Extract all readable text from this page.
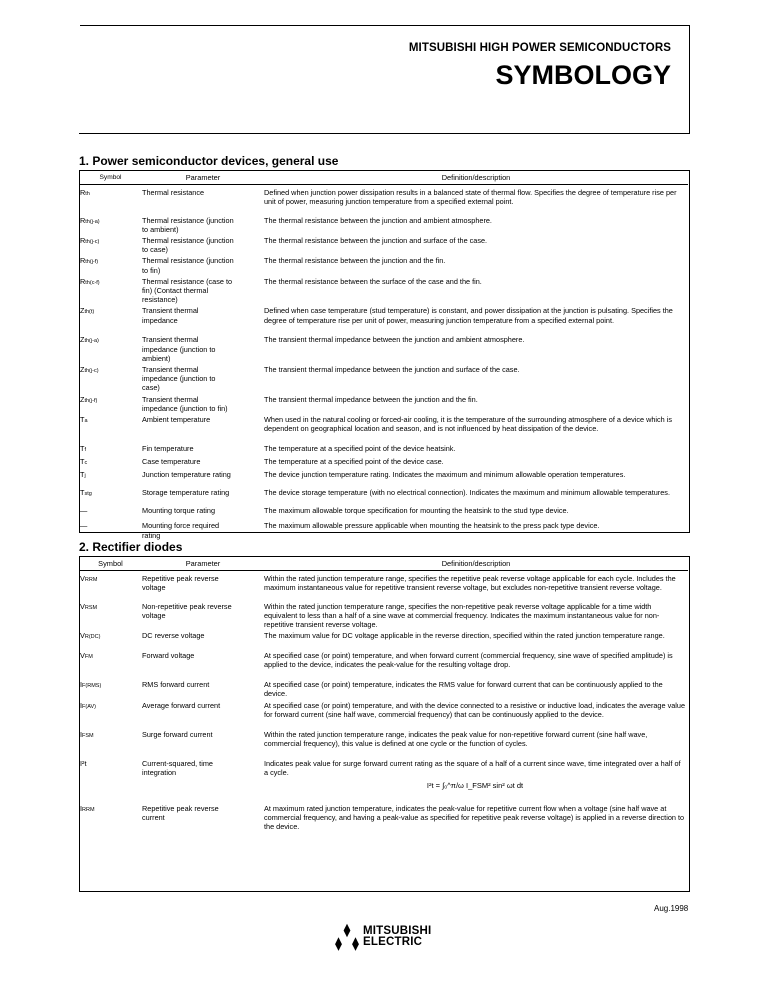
MITSUBISHI HIGH POWER SEMICONDUCTORS
SYMBOLOGY
1. Power semiconductor devices, general use
Symbol	Parameter	Definition/description
Rth	Thermal resistance	Defined when junction power dissipation results in a balanced state of thermal flow. Specifies the degree of temperature rise per unit of power, measuring junction temperature from a specified external point.

Rth(j-a)	Thermal resistance (junction to ambient)	The thermal resistance between the junction and ambient atmosphere.

Rth(j-c)	Thermal resistance (junction to case)	The thermal resistance between the junction and surface of the case.

Rth(j-f)	Thermal resistance (junction to fin)	The thermal resistance between the junction and the fin.

Rth(c-f)	Thermal resistance (case to fin) (Contact thermal resistance)	The thermal resistance between the surface of the case and the fin.

Zth(t)	Transient thermal impedance	Defined when case temperature (stud temperature) is constant, and power dissipation at the junction is pulsating. Specifies the degree of temperature rise per unit of power, measuring junction temperature from a specified external point.

Zth(j-a)	Transient thermal impedance (junction to ambient)	The transient thermal impedance between the junction and ambient atmosphere.

Zth(j-c)	Transient thermal impedance (junction to case)	The transient thermal impedance between the junction and surface of the case.

Zth(j-f)	Transient thermal impedance (junction to fin)	The transient thermal impedance between the junction and the fin.

Ta	Ambient temperature	When used in the natural cooling or forced-air cooling, it is the temperature of the surrounding atmosphere of a device which is dependent on geographical location and season, and is not influenced by heat dissipation of the device.

Tf	Fin temperature	The temperature at a specified point of the device heatsink.

Tc	Case temperature	The temperature at a specified point of the device case.

Tj	Junction temperature rating	The device junction temperature rating. Indicates the maximum and minimum allowable operation temperatures.

Tstg	Storage temperature rating	The device storage temperature (with no electrical connection). Indicates the maximum and minimum allowable temperatures.

—	Mounting torque rating	The maximum allowable torque specification for mounting the heatsink to the stud type device.

—	Mounting force required rating	The maximum allowable pressure applicable when mounting the heatsink to the press pack type device.
2. Rectifier diodes
Symbol	Parameter	Definition/description
VRRM	Repetitive peak reverse voltage	Within the rated junction temperature range, specifies the repetitive peak reverse voltage applicable for each cycle. Includes the maximum instantaneous value for repetitive transient reverse voltage, but excludes non-repetitive transient reverse voltage.

VRSM	Non-repetitive peak reverse voltage	Within the rated junction temperature range, specifies the non-repetitive peak reverse voltage applicable for a time width equivalent to less than a half of a sine wave at commercial frequency. Indicates the maximum instantaneous value for non-repetitive transient reverse voltage.

VR(DC)	DC reverse voltage	The maximum value for DC voltage applicable in the reverse direction, specified within the rated junction temperature range.

VFM	Forward voltage	At specified case (or point) temperature, and when forward current (commercial frequency, sine wave of specified amplitude) is applied to the device, indicates the peak-value for the resulting voltage drop.

IF(RMS)	RMS forward current	At specified case (or point) temperature, indicates the RMS value for forward current that can be continuously applied to the device.

IF(AV)	Average forward current	At specified case (or point) temperature, and with the device connected to a resistive or inductive load, indicates the average value for forward current (sine half wave, commercial frequency) that can be continuously applied to the device.

IFSM	Surge forward current	Within the rated junction temperature range, indicates the peak value for non-repetitive forward current (sine half wave, commercial frequency), this value is defined at one cycle or the function of cycles.

I²t	Current-squared, time integration	Indicates peak value for surge forward current rating as the square of a half of a current since wave, time integrated over a half of a cycle.
I²t = ∫₀^π/ω I_FSM² sin² ωt dt

IRRM	Repetitive peak reverse current	At maximum rated junction temperature, indicates the peak-value for repetitive current flow when a voltage (sine half wave at commercial frequency, and having a peak-value as specified for repetitive peak reverse voltage) is applied in a reverse direction to the device.
Aug.1998
MITSUBISHI
ELECTRIC
